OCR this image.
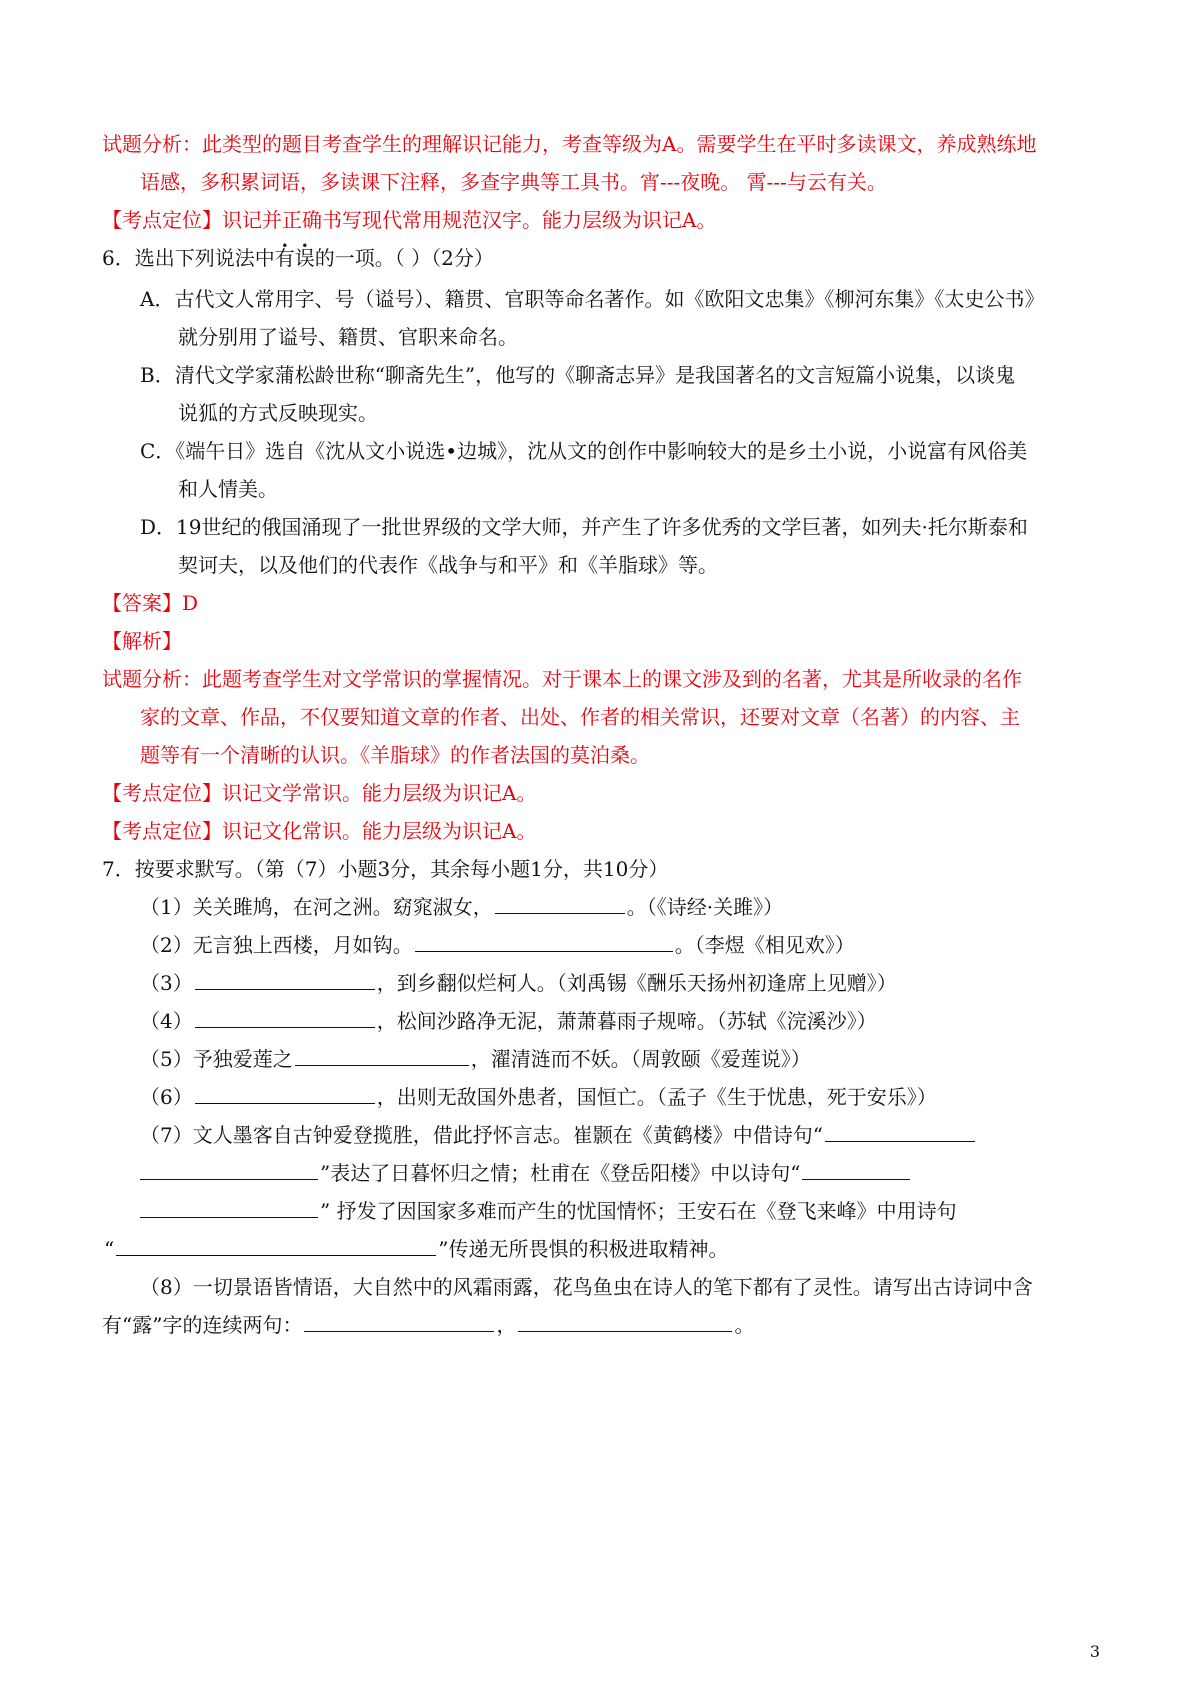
试题分析：此类型的题目考查学生的理解识记能力，考查等级为A。需要学生在平时多读课文，养成熟练地
语感，多积累词语，多读课下注释，多查字典等工具书。宵---夜晚。 霄---与云有关。
【考点定位】识记并正确书写现代常用规范汉字。能力层级为识记A。
6．选出下列说法中有误的一项。（ ）（2分）
A．古代文人常用字、号（谥号）、籍贯、官职等命名著作。如《欧阳文忠集》《柳河东集》《太史公书》
就分别用了谥号、籍贯、官职来命名。
B．清代文学家蒲松龄世称“聊斋先生”，他写的《聊斋志异》是我国著名的文言短篇小说集，以谈鬼
说狐的方式反映现实。
C．《端午日》选自《沈从文小说选•边城》，沈从文的创作中影响较大的是乡土小说，小说富有风俗美
和人情美。
D．19世纪的俄国涌现了一批世界级的文学大师，并产生了许多优秀的文学巨著，如列夫·托尔斯泰和
契诃夫，以及他们的代表作《战争与和平》和《羊脂球》等。
【答案】D
【解析】
试题分析：此题考查学生对文学常识的掌握情况。对于课本上的课文涉及到的名著，尤其是所收录的名作
家的文章、作品，不仅要知道文章的作者、出处、作者的相关常识，还要对文章（名著）的内容、主
题等有一个清晰的认识。《羊脂球》的作者法国的莫泊桑。
【考点定位】识记文学常识。能力层级为识记A。
【考点定位】识记文化常识。能力层级为识记A。
7．按要求默写。（第（7）小题3分，其余每小题1分，共10分）
（1）关关雎鸠，在河之洲。窈窕淑女，	。（《诗经·关雎》）
（2）无言独上西楼，月如钩。	。（李煜《相见欢》）
（3）	，到乡翻似烂柯人。（刘禹锡《酬乐天扬州初逢席上见赠》）
（4）	，松间沙路净无泥，萧萧暮雨子规啼。（苏轼《浣溪沙》）
（5）予独爱莲之	，濯清涟而不妖。（周敦颐《爱莲说》）
（6）	，出则无敌国外患者，国恒亡。（孟子《生于忧患，死于安乐》）
（7）文人墨客自古钟爱登揽胜，借此抒怀言志。崔颢在《黄鹤楼》中借诗句“
”表达了日暮怀归之情；杜甫在《登岳阳楼》中以诗句“
” 抒发了因国家多难而产生的忧国情怀；王安石在《登飞来峰》中用诗句
“	”传递无所畏惧的积极进取精神。
（8）一切景语皆情语，大自然中的风霜雨露，花鸟鱼虫在诗人的笔下都有了灵性。请写出古诗词中含
有“露”字的连续两句：	，	。
3
